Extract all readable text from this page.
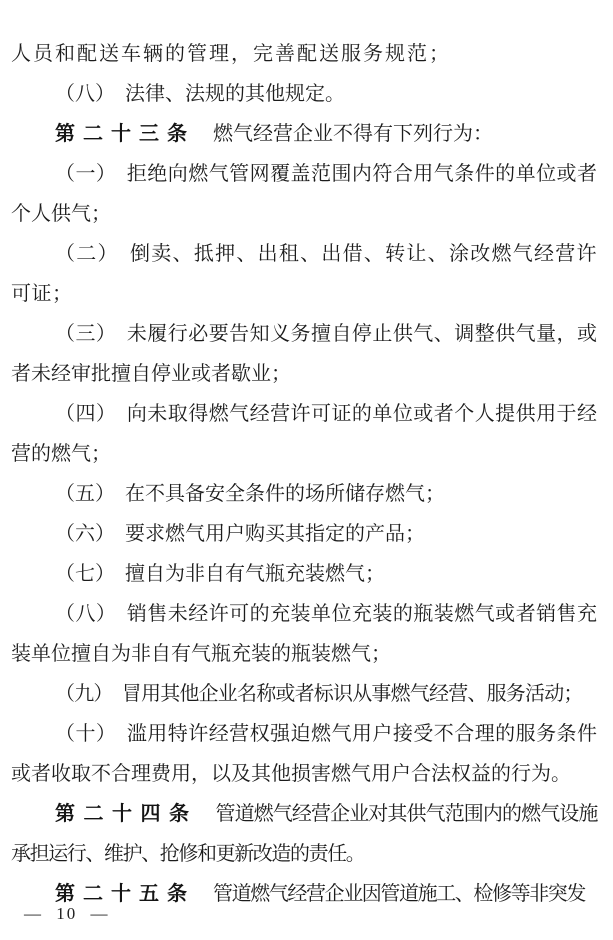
人员和配送车辆的管理，完善配送服务规范；

（八）　法律、法规的其他规定。

第二十三条 燃气经营企业不得有下列行为：

（一）　拒绝向燃气管网覆盖范围内符合用气条件的单位或者个人供气；

（二）　倒卖、抵押、出租、出借、转让、涂改燃气经营许可证；

（三）　未履行必要告知义务擅自停止供气、调整供气量，或者未经审批擅自停业或者歇业；

（四）　向未取得燃气经营许可证的单位或者个人提供用于经营的燃气；

（五）　在不具备安全条件的场所储存燃气；

（六）　要求燃气用户购买其指定的产品；

（七）　擅自为非自有气瓶充装燃气；

（八）　销售未经许可的充装单位充装的瓶装燃气或者销售充装单位擅自为非自有气瓶充装的瓶装燃气；

（九）　冒用其他企业名称或者标识从事燃气经营、服务活动；

（十）　滥用特许经营权强迫燃气用户接受不合理的服务条件或者收取不合理费用，以及其他损害燃气用户合法权益的行为。

第二十四条 管道燃气经营企业对其供气范围内的燃气设施承担运行、维护、抢修和更新改造的责任。

第二十五条 管道燃气经营企业因管道施工、检修等非突发

— 10 —
